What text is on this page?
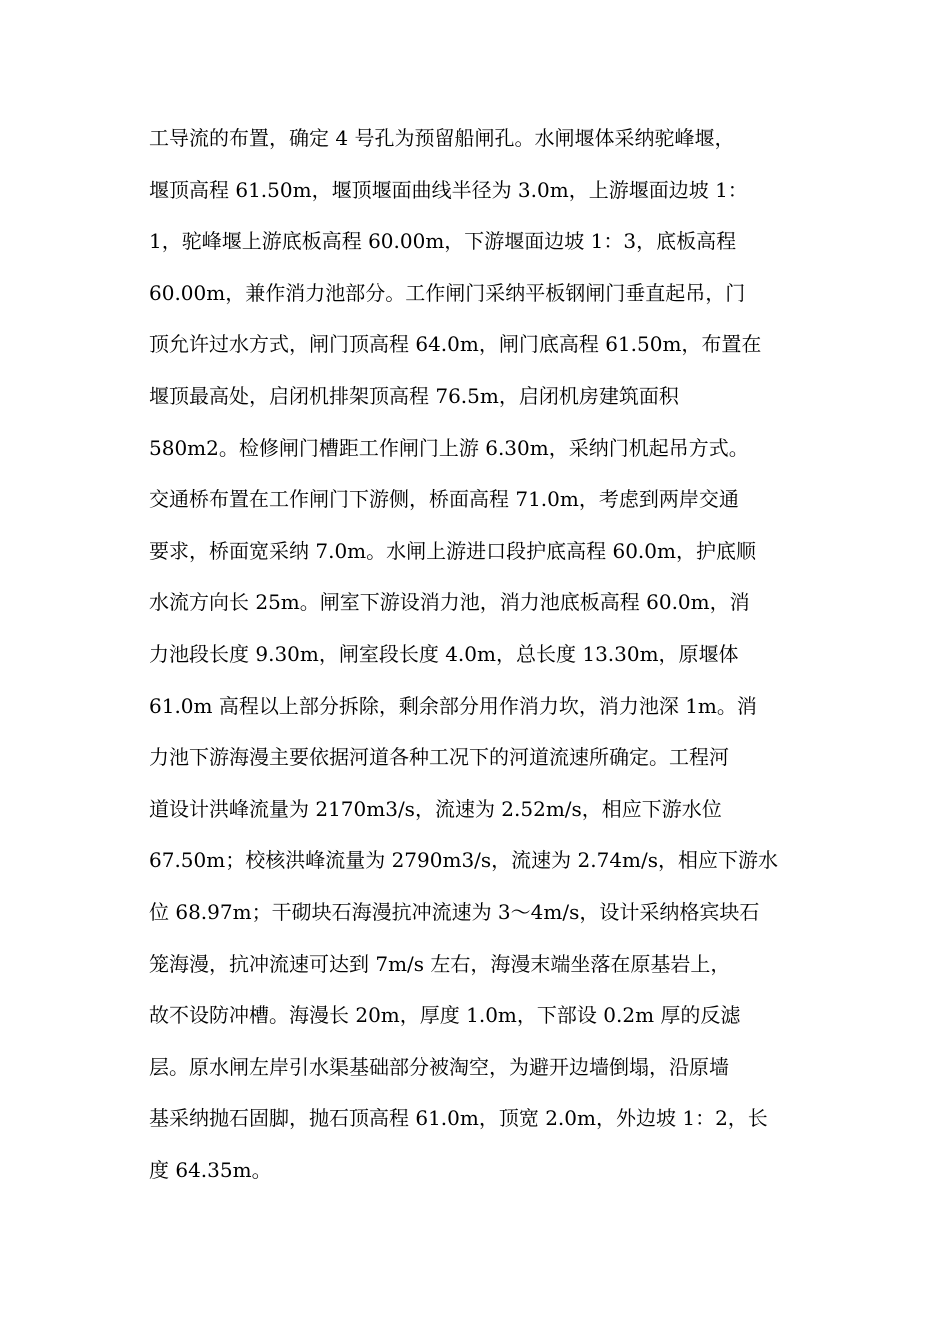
工导流的布置，确定 4 号孔为预留船闸孔。水闸堰体采纳驼峰堰，
堰顶高程 61.50m，堰顶堰面曲线半径为 3.0m，上游堰面边坡 1：
1，驼峰堰上游底板高程 60.00m，下游堰面边坡 1：3，底板高程
60.00m，兼作消力池部分。工作闸门采纳平板钢闸门垂直起吊，门
顶允许过水方式，闸门顶高程 64.0m，闸门底高程 61.50m，布置在
堰顶最高处，启闭机排架顶高程 76.5m，启闭机房建筑面积
580m2。检修闸门槽距工作闸门上游 6.30m，采纳门机起吊方式。
交通桥布置在工作闸门下游侧，桥面高程 71.0m，考虑到两岸交通
要求，桥面宽采纳 7.0m。水闸上游进口段护底高程 60.0m，护底顺
水流方向长 25m。闸室下游设消力池，消力池底板高程 60.0m，消
力池段长度 9.30m，闸室段长度 4.0m，总长度 13.30m，原堰体
61.0m 高程以上部分拆除，剩余部分用作消力坎，消力池深 1m。消
力池下游海漫主要依据河道各种工况下的河道流速所确定。工程河
道设计洪峰流量为 2170m3/s，流速为 2.52m/s，相应下游水位
67.50m；校核洪峰流量为 2790m3/s，流速为 2.74m/s，相应下游水
位 68.97m；干砌块石海漫抗冲流速为 3～4m/s，设计采纳格宾块石
笼海漫，抗冲流速可达到 7m/s 左右，海漫末端坐落在原基岩上，
故不设防冲槽。海漫长 20m，厚度 1.0m，下部设 0.2m 厚的反滤
层。原水闸左岸引水渠基础部分被淘空，为避开边墙倒塌，沿原墙
基采纳抛石固脚，抛石顶高程 61.0m，顶宽 2.0m，外边坡 1：2，长
度 64.35m。
